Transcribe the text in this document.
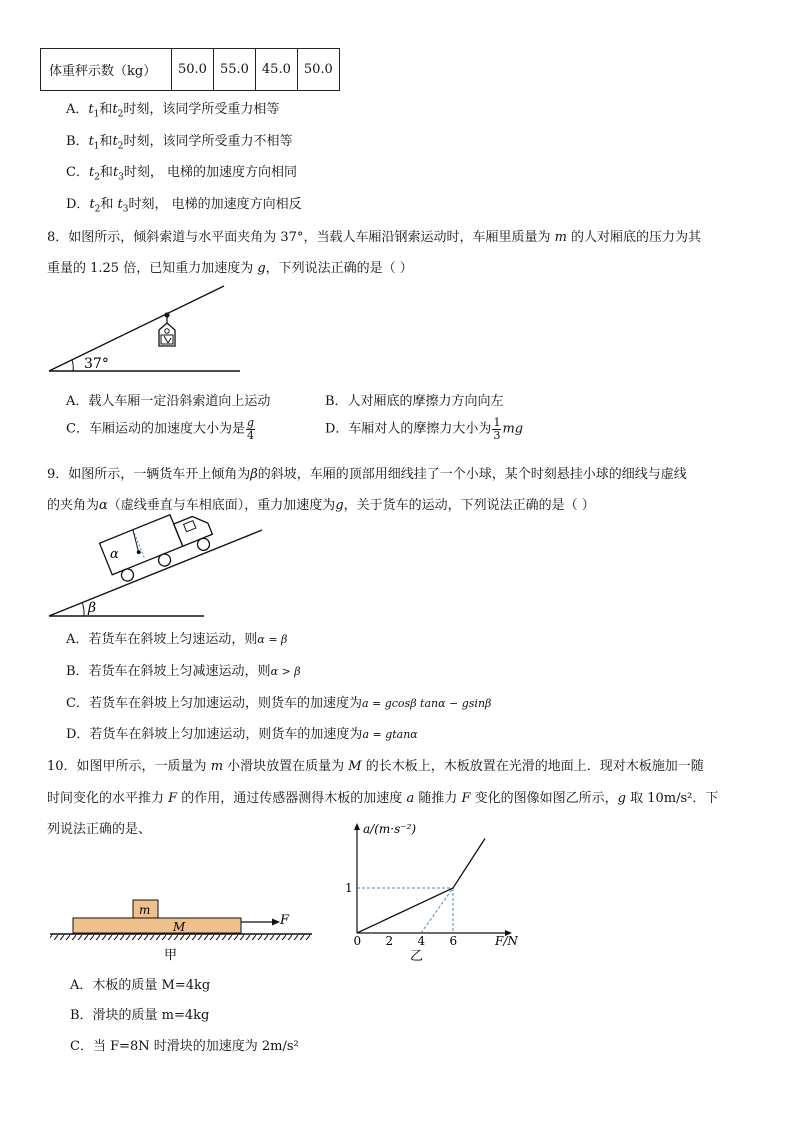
体重秤示数（kg）	50.0	55.0	45.0	50.0
A．$t_1$和$t_2$时刻，该同学所受重力相等
B．$t_1$和$t_2$时刻，该同学所受重力不相等
C．$t_2$和$t_3$时刻， 电梯的加速度方向相同
D．$t_2$和 $t_3$时刻， 电梯的加速度方向相反
8．如图所示，倾斜索道与水平面夹角为 37°，当载人车厢沿钢索运动时，车厢里质量为 m 的人对厢底的压力为其
重量的 1.25 倍，已知重力加速度为 g，下列说法正确的是（ ）
37°
A．载人车厢一定沿斜索道向上运动	B．人对厢底的摩擦力方向向左
C．车厢运动的加速度大小为是 $\frac{g}{4}$	D．车厢对人的摩擦力大小为 $\frac{1}{3}$ mg
9．如图所示，一辆货车开上倾角为β的斜坡，车厢的顶部用细线挂了一个小球，某个时刻悬挂小球的细线与虚线
的夹角为α（虚线垂直与车相底面），重力加速度为g，关于货车的运动，下列说法正确的是（ ）
β
α
A．若货车在斜坡上匀速运动，则α = β
B．若货车在斜坡上匀减速运动，则α > β
C．若货车在斜坡上匀加速运动，则货车的加速度为a = gcosβ tanα − gsinβ
D．若货车在斜坡上匀加速运动，则货车的加速度为a = gtanα
10．如图甲所示，一质量为 m 小滑块放置在质量为 M 的长木板上，木板放置在光滑的地面上．现对木板施加一随
时间变化的水平推力 F 的作用，通过传感器测得木板的加速度 a 随推力 F 变化的图像如图乙所示，g 取 10m/s²．下
列说法正确的是、
m
M	F
甲
a/(m·s⁻²)
F/N
0 2 4 6
1
乙
A．木板的质量 M=4kg
B．滑块的质量 m=4kg
C．当 F=8N 时滑块的加速度为 2m/s²
